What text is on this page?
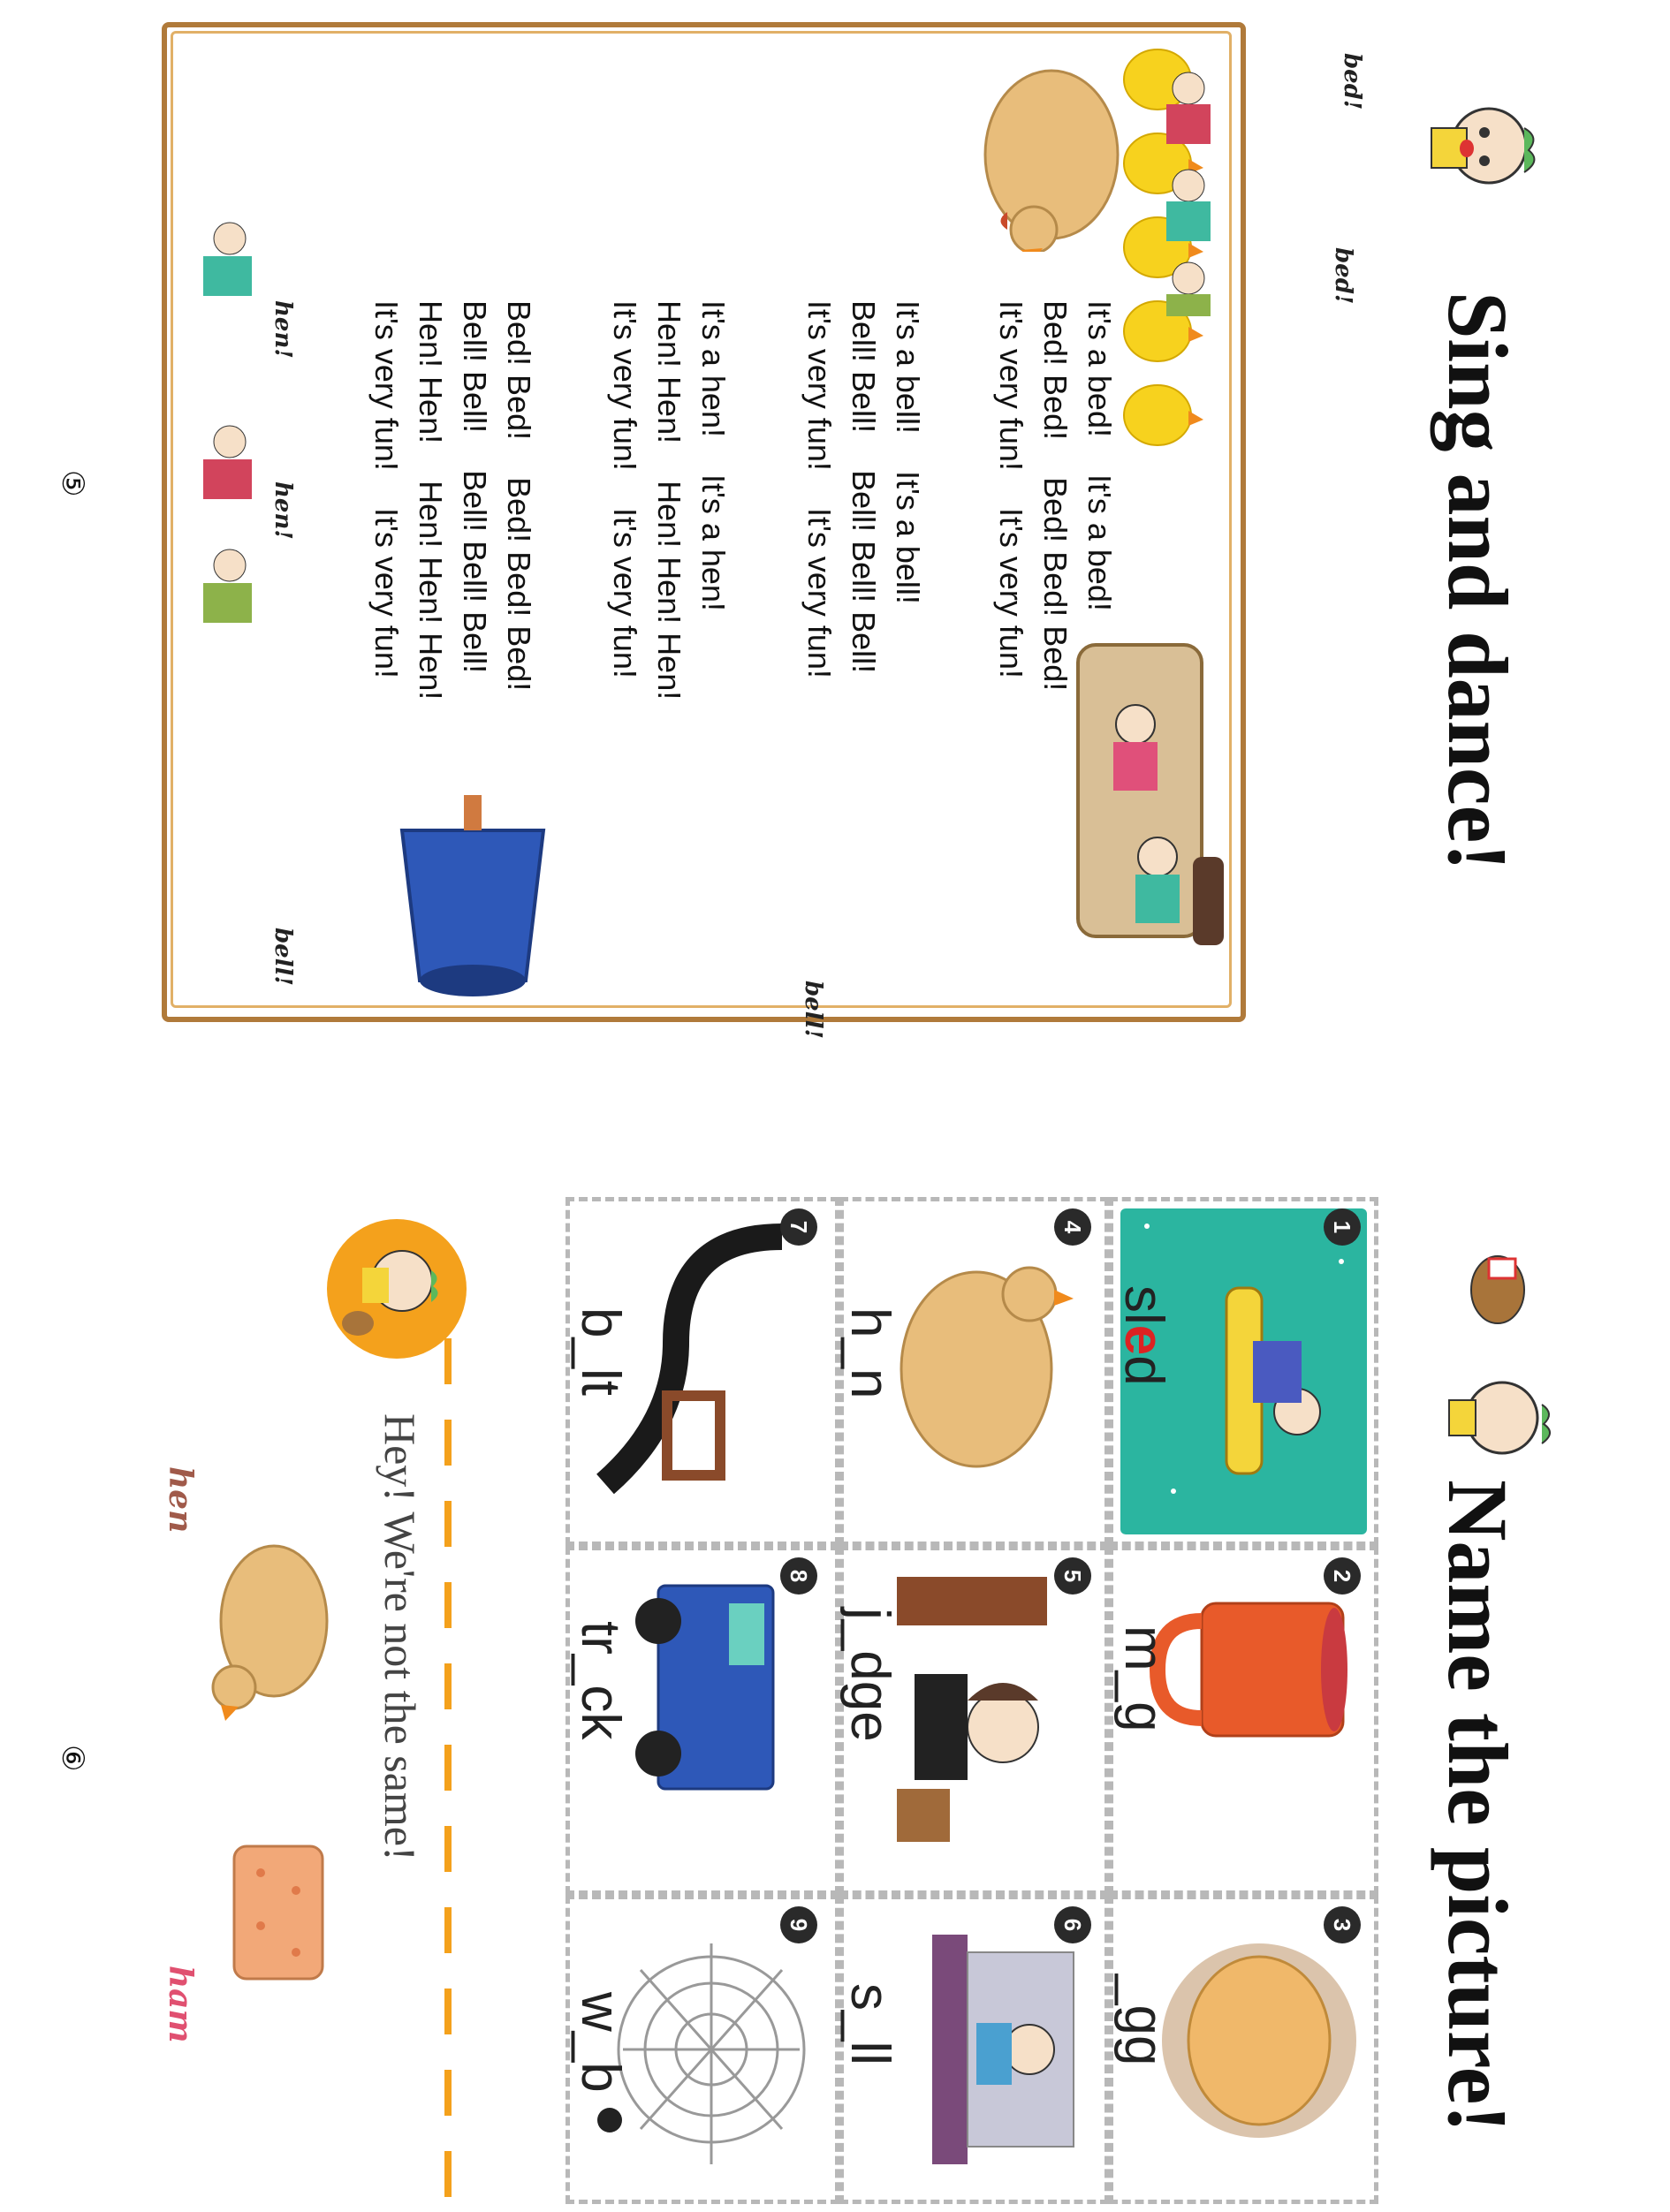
Sing and dance!
bed!
bed!
hen!
hen!
bell!
bell!
It's a bed!It's a bed!
Bed! Bed!Bed! Bed! Bed!
It's very fun!It's very fun!
It's a bell!It's a bell!
Bell! Bell!Bell! Bell! Bell!
It's very fun!It's very fun!
It's a hen!It's a hen!
Hen! Hen!Hen! Hen! Hen!
It's very fun!It's very fun!
Bed! Bed!Bed! Bed! Bed!
Bell! Bell!Bell! Bell! Bell!
Hen! Hen!Hen! Hen! Hen!
It's very fun!It's very fun!
⑤
Name the picture!
1
2
3
4
5
6
7
8
9
sled
m_g
_gg
h_n
j_dge
s_ll
b_lt
tr_ck
w_b
Hey! We're not the same!
hen
ham
⑥
